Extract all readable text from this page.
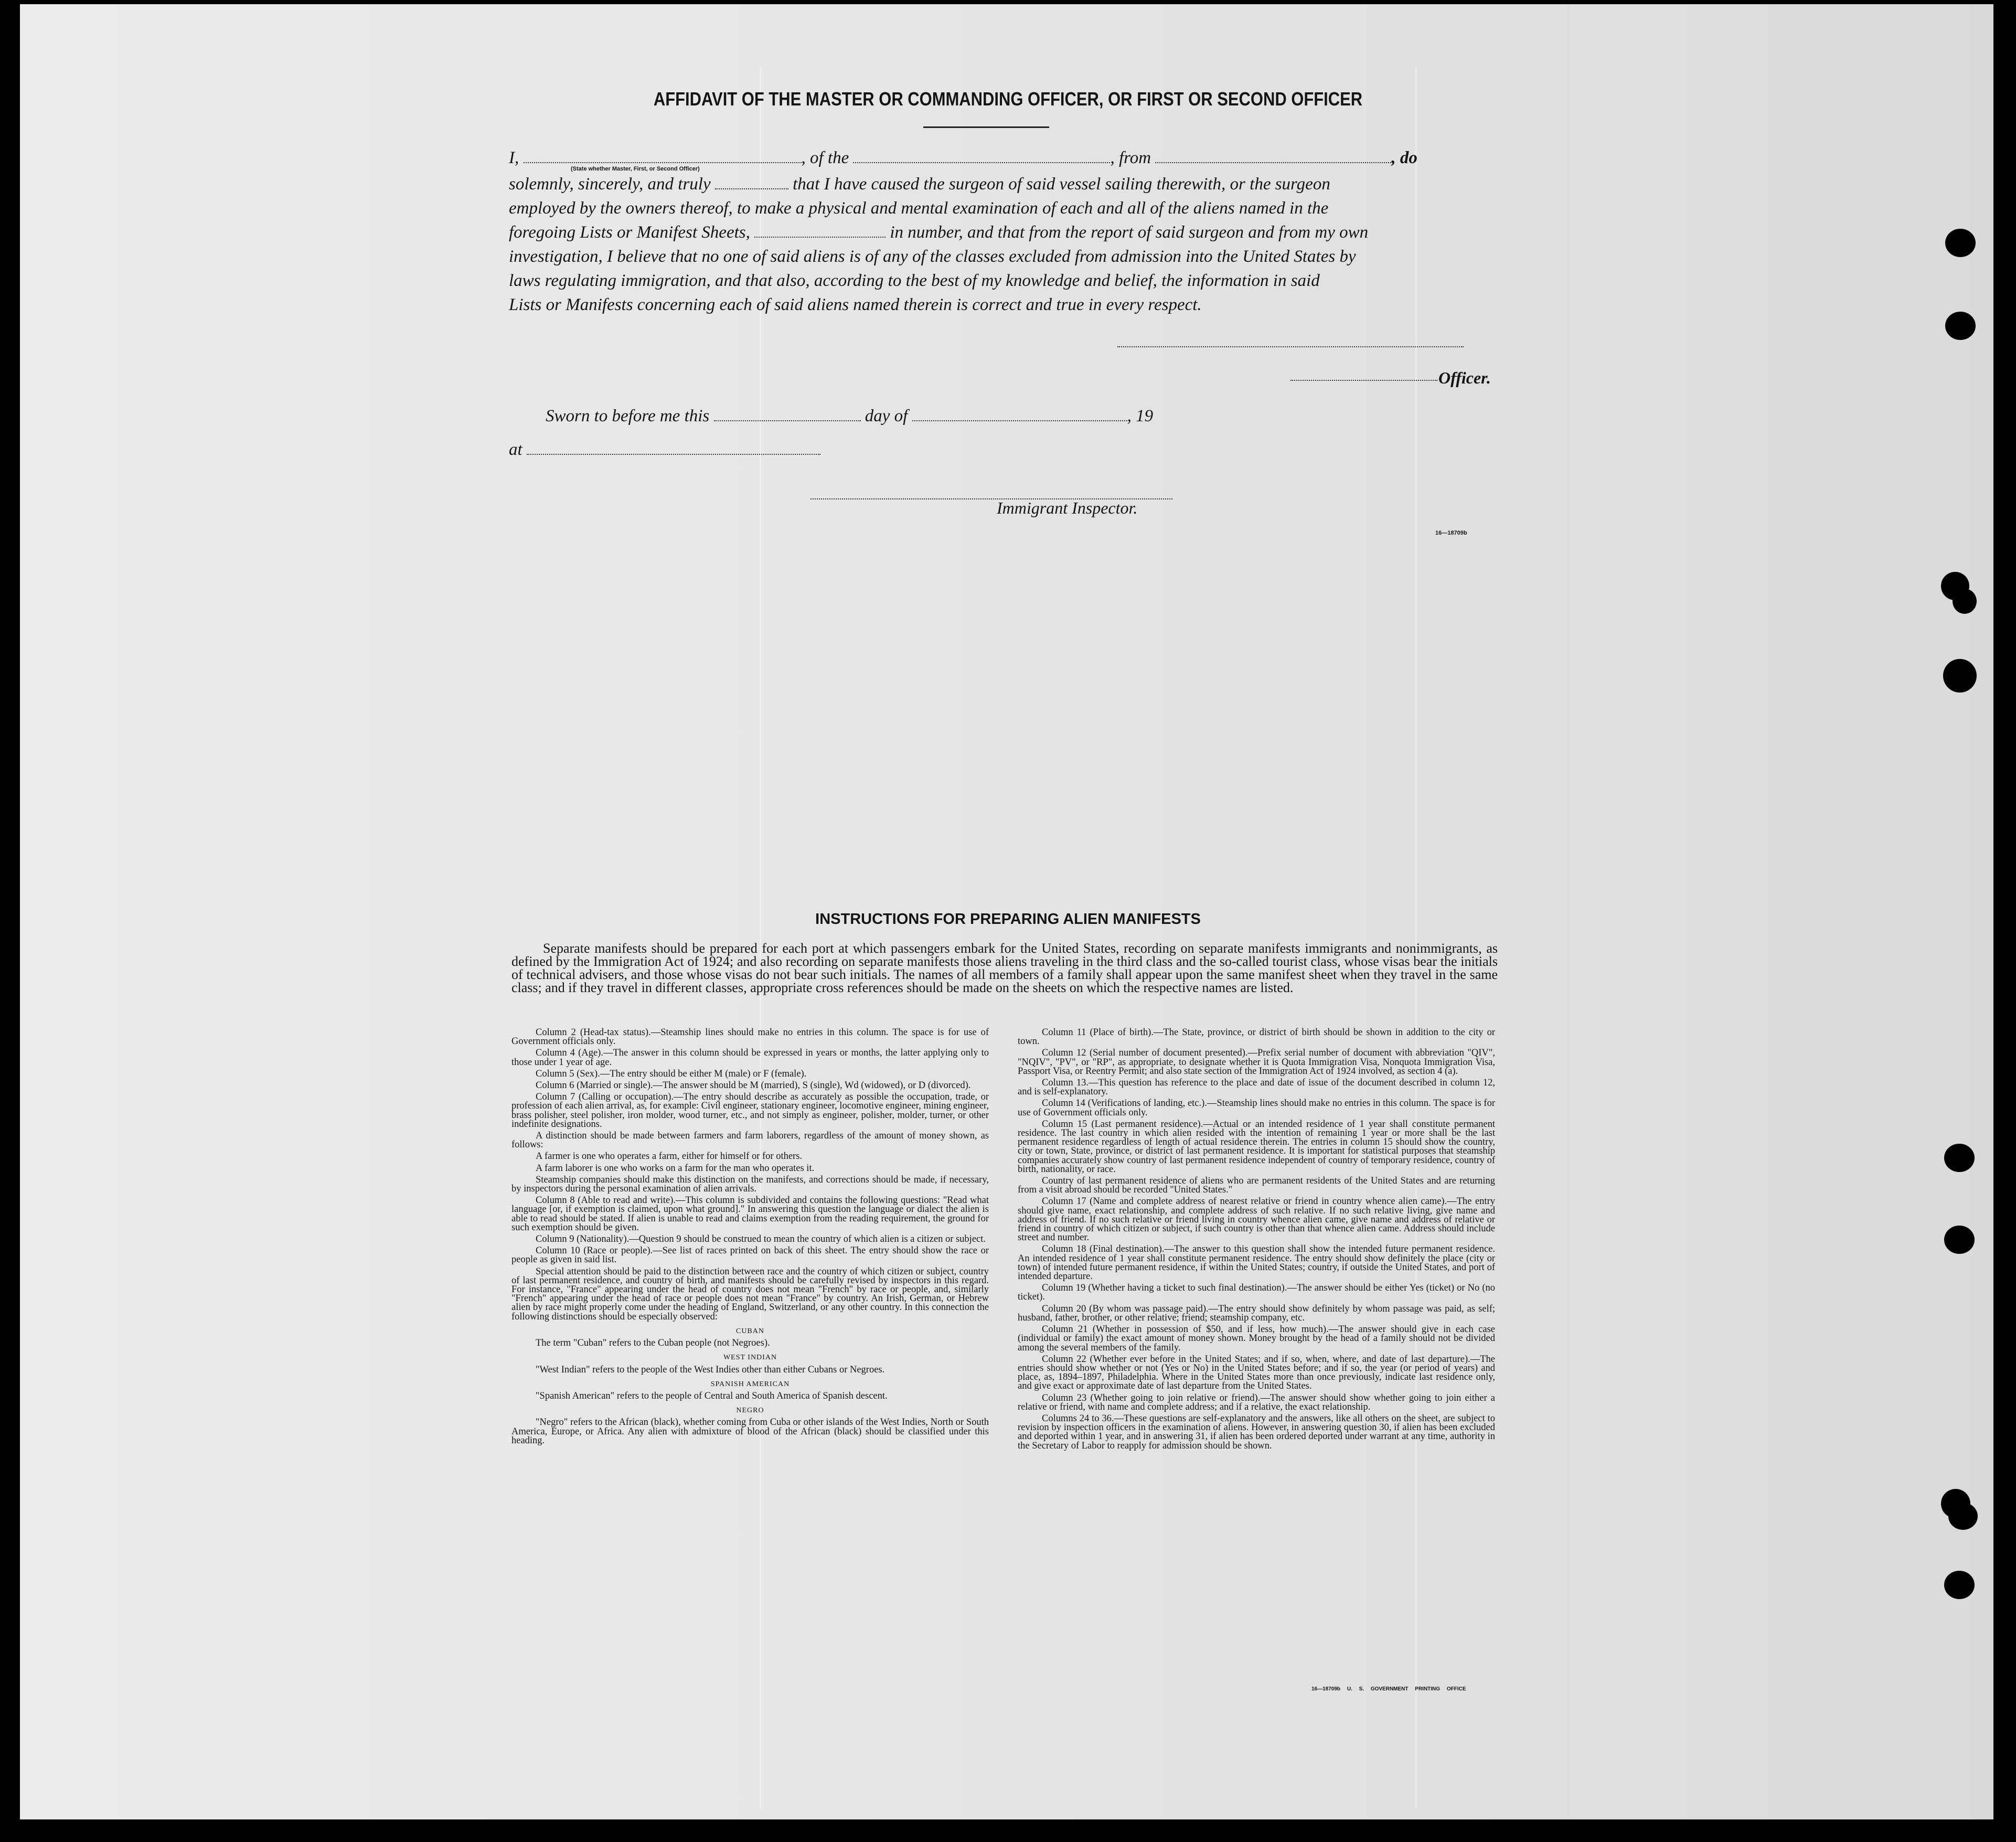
AFFIDAVIT OF THE MASTER OR COMMANDING OFFICER, OR FIRST OR SECOND OFFICER
I,	, of the	, from	, do
(State whether Master, First, or Second Officer)
solemnly, sincerely, and truly	that I have caused the surgeon of said vessel sailing therewith, or the surgeon
employed by the owners thereof, to make a physical and mental examination of each and all of the aliens named in the
foregoing Lists or Manifest Sheets,	in number, and that from the report of said surgeon and from my own
investigation, I believe that no one of said aliens is of any of the classes excluded from admission into the United States by
laws regulating immigration, and that also, according to the best of my knowledge and belief, the information in said
Lists or Manifests concerning each of said aliens named therein is correct and true in every respect.
Officer.
Sworn to before me this	day of	, 19
at
Immigrant Inspector.
16—18709b
INSTRUCTIONS FOR PREPARING ALIEN MANIFESTS
Separate manifests should be prepared for each port at which passengers embark for the United States, recording on separate manifests immigrants and nonimmigrants, as defined by the Immigration Act of 1924; and also recording on separate manifests those aliens traveling in the third class and the so-called tourist class, whose visas bear the initials of technical advisers, and those whose visas do not bear such initials. The names of all members of a family shall appear upon the same manifest sheet when they travel in the same class; and if they travel in different classes, appropriate cross references should be made on the sheets on which the respective names are listed.

Column 2 (Head-tax status).—Steamship lines should make no entries in this column. The space is for use of Government officials only.

Column 4 (Age).—The answer in this column should be expressed in years or months, the latter applying only to those under 1 year of age.

Column 5 (Sex).—The entry should be either M (male) or F (female).

Column 6 (Married or single).—The answer should be M (married), S (single), Wd (widowed), or D (divorced).

Column 7 (Calling or occupation).—The entry should describe as accurately as possible the occupation, trade, or profession of each alien arrival, as, for example: Civil engineer, stationary engineer, locomotive engineer, mining engineer, brass polisher, steel polisher, iron molder, wood turner, etc., and not simply as engineer, polisher, molder, turner, or other indefinite designations.

A distinction should be made between farmers and farm laborers, regardless of the amount of money shown, as follows:

A farmer is one who operates a farm, either for himself or for others.

A farm laborer is one who works on a farm for the man who operates it.

Steamship companies should make this distinction on the manifests, and corrections should be made, if necessary, by inspectors during the personal examination of alien arrivals.

Column 8 (Able to read and write).—This column is subdivided and contains the following questions: "Read what language [or, if exemption is claimed, upon what ground]." In answering this question the language or dialect the alien is able to read should be stated. If alien is unable to read and claims exemption from the reading requirement, the ground for such exemption should be given.

Column 9 (Nationality).—Question 9 should be construed to mean the country of which alien is a citizen or subject.

Column 10 (Race or people).—See list of races printed on back of this sheet. The entry should show the race or people as given in said list.

Special attention should be paid to the distinction between race and the country of which citizen or subject, country of last permanent residence, and country of birth, and manifests should be carefully revised by inspectors in this regard. For instance, "France" appearing under the head of country does not mean "French" by race or people, and, similarly "French" appearing under the head of race or people does not mean "France" by country. An Irish, German, or Hebrew alien by race might properly come under the heading of England, Switzerland, or any other country. In this connection the following distinctions should be especially observed:

CUBAN

The term "Cuban" refers to the Cuban people (not Negroes).

WEST INDIAN

"West Indian" refers to the people of the West Indies other than either Cubans or Negroes.

SPANISH AMERICAN

"Spanish American" refers to the people of Central and South America of Spanish descent.

NEGRO

"Negro" refers to the African (black), whether coming from Cuba or other islands of the West Indies, North or South America, Europe, or Africa. Any alien with admixture of blood of the African (black) should be classified under this heading.

Column 11 (Place of birth).—The State, province, or district of birth should be shown in addition to the city or town.

Column 12 (Serial number of document presented).—Prefix serial number of document with abbreviation "QIV", "NQIV", "PV", or "RP", as appropriate, to designate whether it is Quota Immigration Visa, Nonquota Immigration Visa, Passport Visa, or Reentry Permit; and also state section of the Immigration Act of 1924 involved, as section 4 (a).

Column 13.—This question has reference to the place and date of issue of the document described in column 12, and is self-explanatory.

Column 14 (Verifications of landing, etc.).—Steamship lines should make no entries in this column. The space is for use of Government officials only.

Column 15 (Last permanent residence).—Actual or an intended residence of 1 year shall constitute permanent residence. The last country in which alien resided with the intention of remaining 1 year or more shall be the last permanent residence regardless of length of actual residence therein. The entries in column 15 should show the country, city or town, State, province, or district of last permanent residence. It is important for statistical purposes that steamship companies accurately show country of last permanent residence independent of country of temporary residence, country of birth, nationality, or race.

Country of last permanent residence of aliens who are permanent residents of the United States and are returning from a visit abroad should be recorded "United States."

Column 17 (Name and complete address of nearest relative or friend in country whence alien came).—The entry should give name, exact relationship, and complete address of such relative. If no such relative living, give name and address of friend. If no such relative or friend living in country whence alien came, give name and address of relative or friend in country of which citizen or subject, if such country is other than that whence alien came. Address should include street and number.

Column 18 (Final destination).—The answer to this question shall show the intended future permanent residence. An intended residence of 1 year shall constitute permanent residence. The entry should show definitely the place (city or town) of intended future permanent residence, if within the United States; country, if outside the United States, and port of intended departure.

Column 19 (Whether having a ticket to such final destination).—The answer should be either Yes (ticket) or No (no ticket).

Column 20 (By whom was passage paid).—The entry should show definitely by whom passage was paid, as self; husband, father, brother, or other relative; friend; steamship company, etc.

Column 21 (Whether in possession of $50, and if less, how much).—The answer should give in each case (individual or family) the exact amount of money shown. Money brought by the head of a family should not be divided among the several members of the family.

Column 22 (Whether ever before in the United States; and if so, when, where, and date of last departure).—The entries should show whether or not (Yes or No) in the United States before; and if so, the year (or period of years) and place, as, 1894–1897, Philadelphia. Where in the United States more than once previously, indicate last residence only, and give exact or approximate date of last departure from the United States.

Column 23 (Whether going to join relative or friend).—The answer should show whether going to join either a relative or friend, with name and complete address; and if a relative, the exact relationship.

Columns 24 to 36.—These questions are self-explanatory and the answers, like all others on the sheet, are subject to revision by inspection officers in the examination of aliens. However, in answering question 30, if alien has been excluded and deported within 1 year, and in answering 31, if alien has been ordered deported under warrant at any time, authority in the Secretary of Labor to reapply for admission should be shown.

16—18709b U. S. GOVERNMENT PRINTING OFFICE
